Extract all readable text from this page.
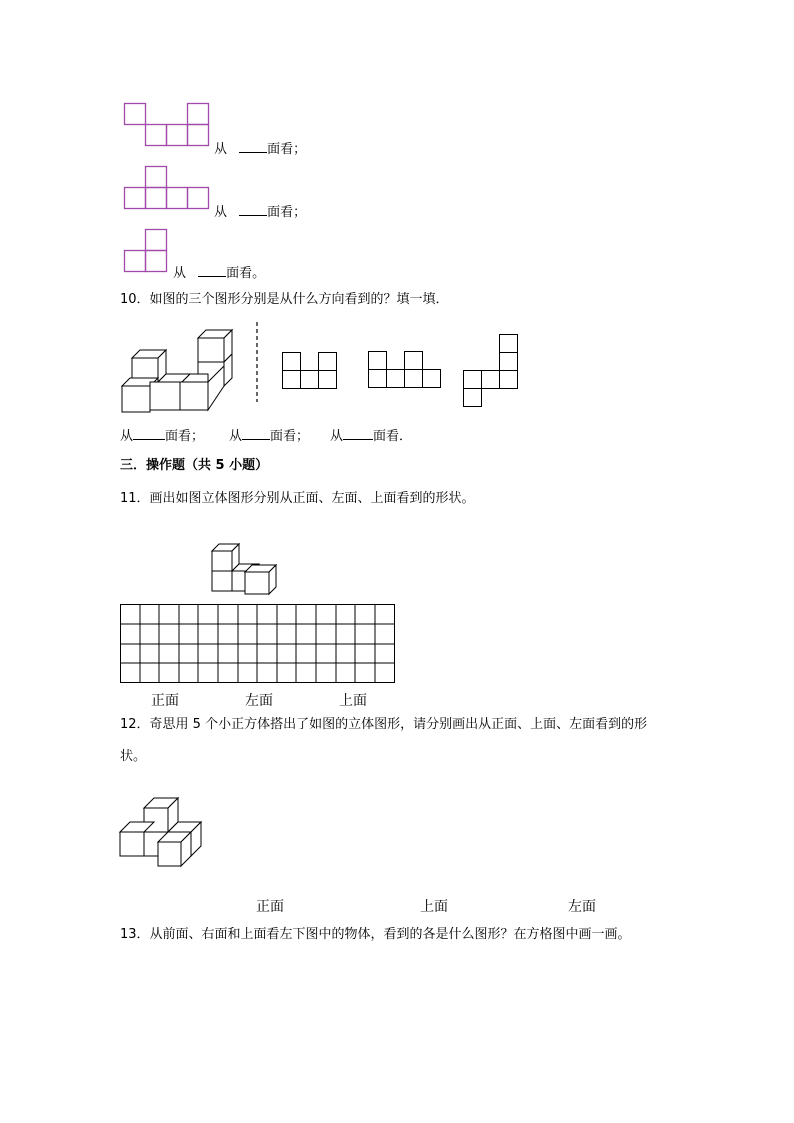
从	面看；
从	面看；
从	面看。
10．如图的三个图形分别是从什么方向看到的？填一填．
从 面看； 从 面看； 从 面看．
三．操作题（共 5 小题）
11．画出如图立体图形分别从正面、左面、上面看到的形状。
正面	左面	上面
12．奇思用 5 个小正方体搭出了如图的立体图形，请分别画出从正面、上面、左面看到的形
状。
正面	上面	左面
13．从前面、右面和上面看左下图中的物体，看到的各是什么图形？在方格图中画一画。
